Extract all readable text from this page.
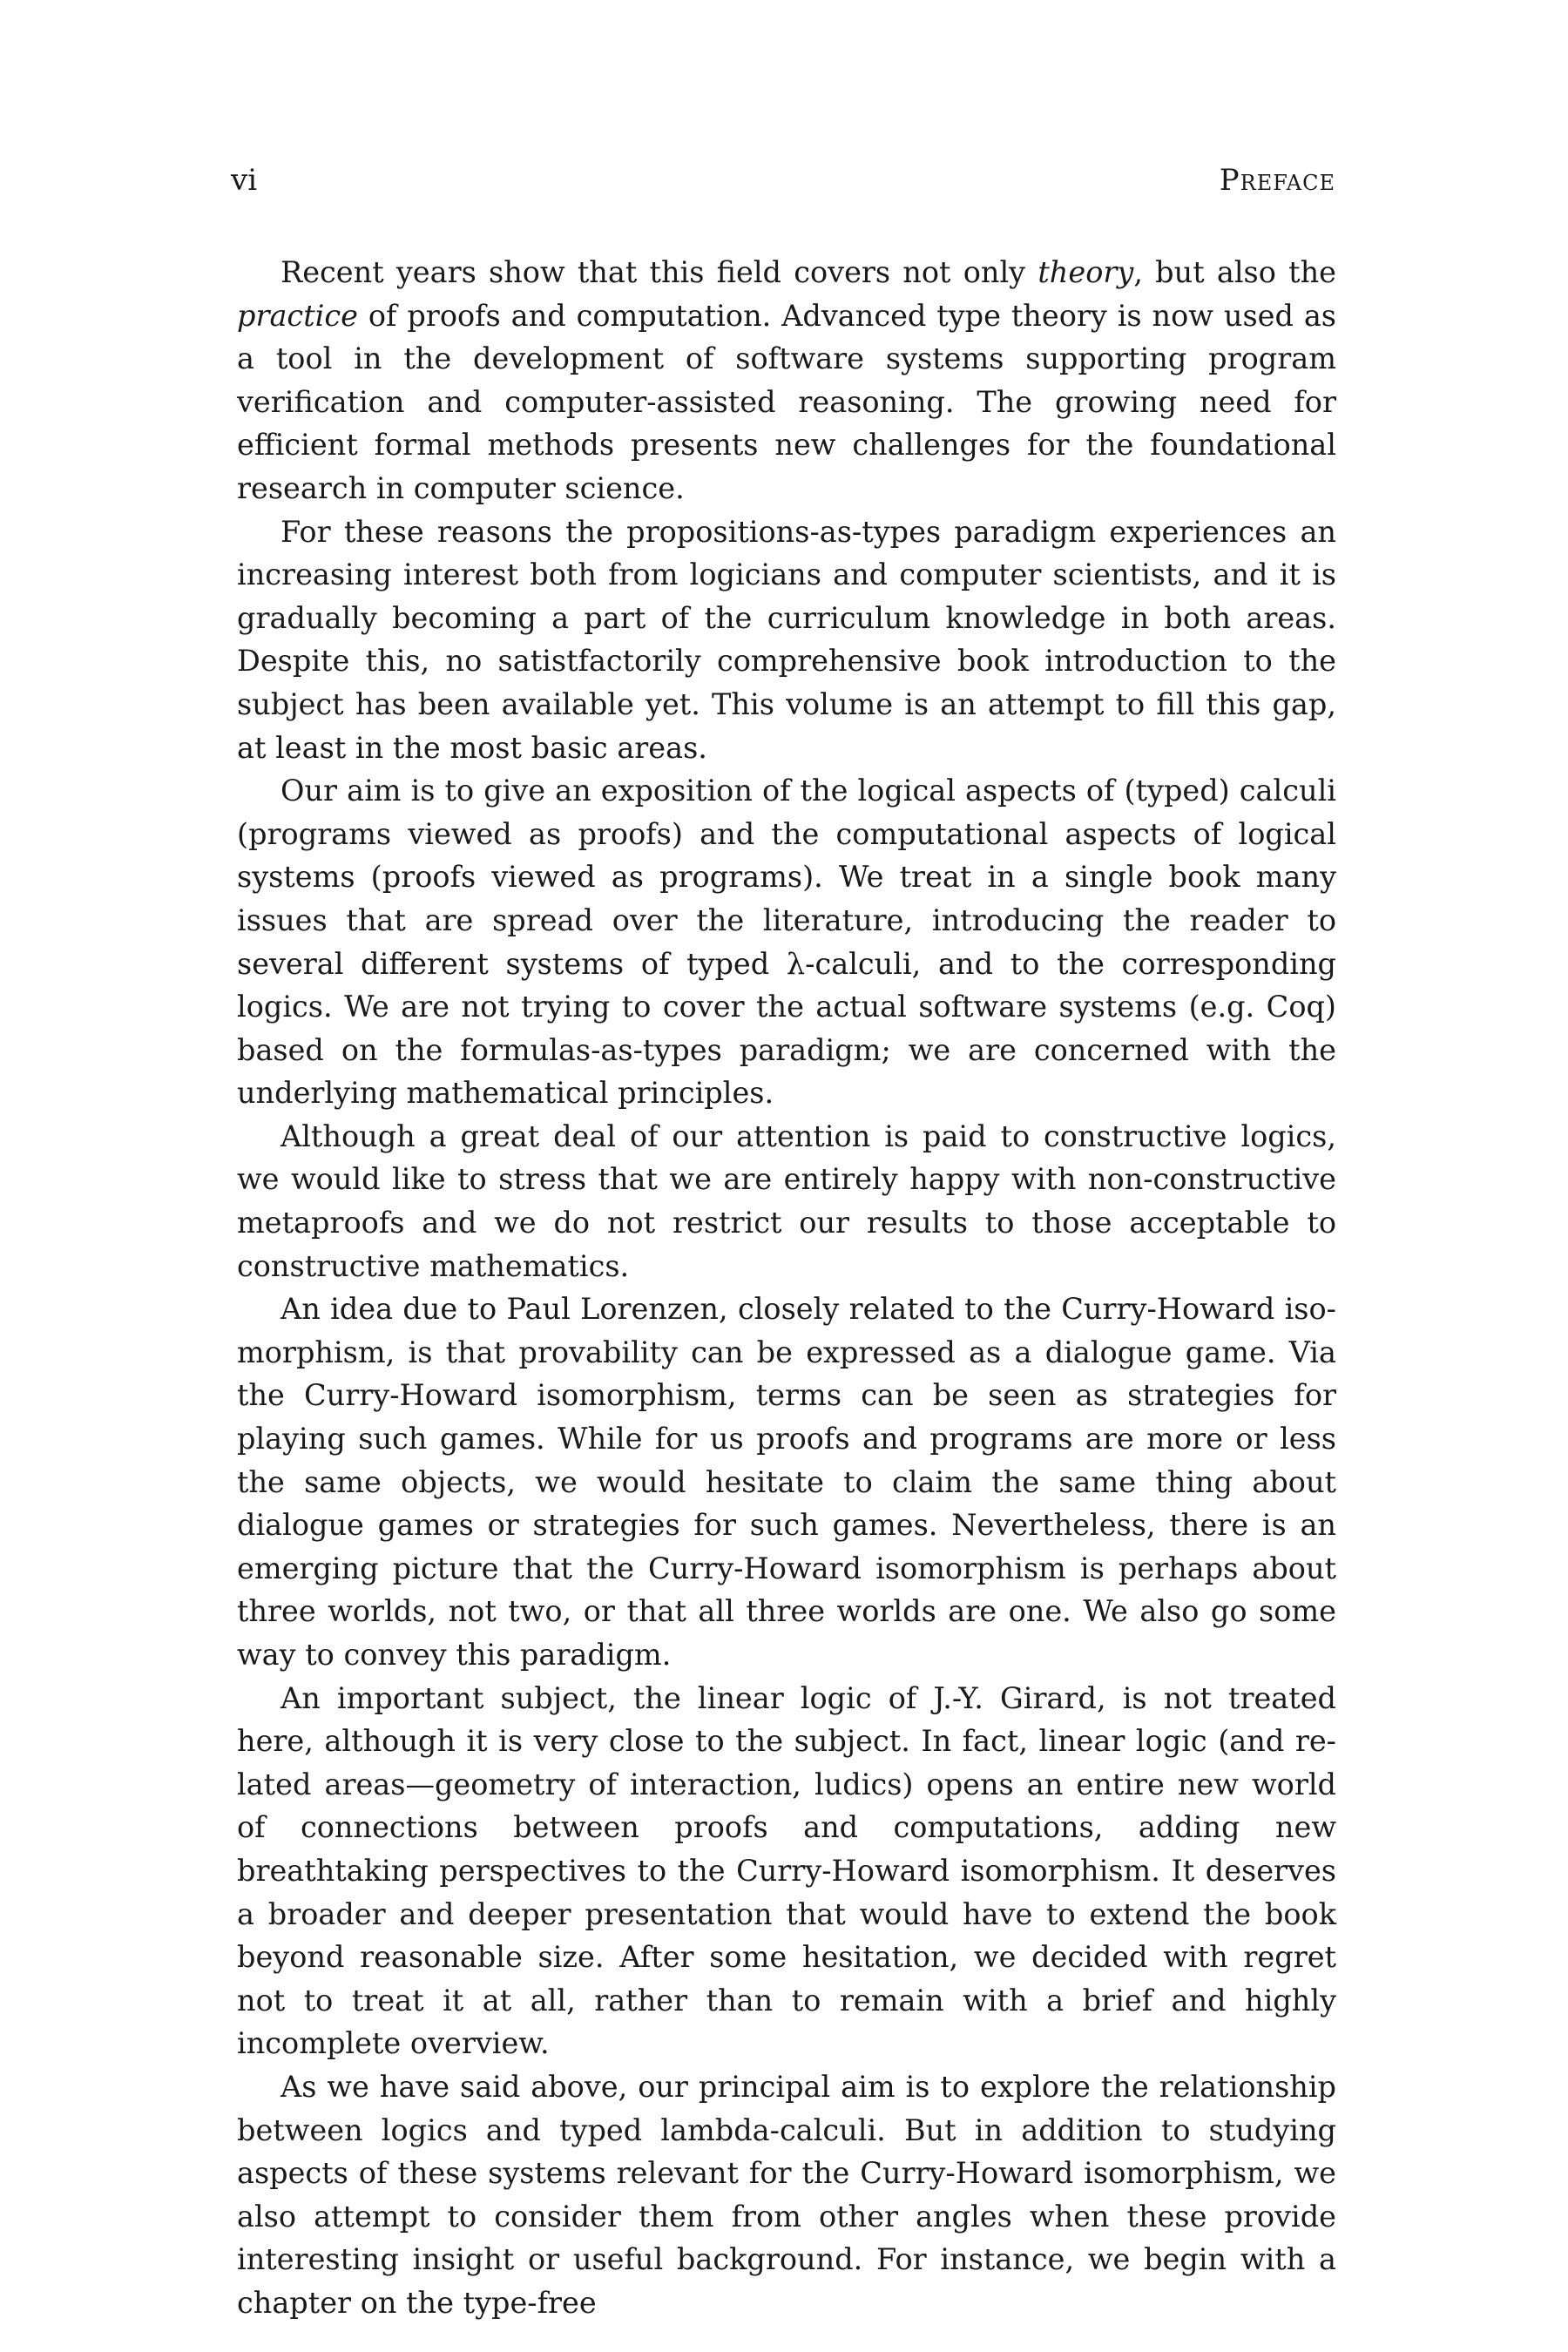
vi	Preface

Recent years show that this field covers not only theory, but also the practice of proofs and computation. Advanced type theory is now used as a tool in the development of software systems supporting program verification and computer-assisted reasoning. The growing need for efficient formal methods presents new challenges for the foundational research in computer science.

For these reasons the propositions-as-types paradigm experiences an increasing interest both from logicians and computer scientists, and it is gradually becoming a part of the curriculum knowledge in both areas. Despite this, no satistfactorily comprehensive book introduction to the subject has been available yet. This volume is an attempt to fill this gap, at least in the most basic areas.

Our aim is to give an exposition of the logical aspects of (typed) calculi (programs viewed as proofs) and the computational aspects of logical systems (proofs viewed as programs). We treat in a single book many issues that are spread over the literature, introducing the reader to several different systems of typed λ-calculi, and to the corresponding logics. We are not trying to cover the actual software systems (e.g. Coq) based on the formulas-as-types paradigm; we are concerned with the underlying mathematical principles.

Although a great deal of our attention is paid to constructive logics, we would like to stress that we are entirely happy with non-constructive metaproofs and we do not restrict our results to those acceptable to constructive mathematics.

An idea due to Paul Lorenzen, closely related to the Curry-Howard isomorphism, is that provability can be expressed as a dialogue game. Via the Curry-Howard isomorphism, terms can be seen as strategies for playing such games. While for us proofs and programs are more or less the same objects, we would hesitate to claim the same thing about dialogue games or strategies for such games. Nevertheless, there is an emerging picture that the Curry-Howard isomorphism is perhaps about three worlds, not two, or that all three worlds are one. We also go some way to convey this paradigm.

An important subject, the linear logic of J.-Y. Girard, is not treated here, although it is very close to the subject. In fact, linear logic (and related areas—geometry of interaction, ludics) opens an entire new world of connections between proofs and computations, adding new breathtaking perspectives to the Curry-Howard isomorphism. It deserves a broader and deeper presentation that would have to extend the book beyond reasonable size. After some hesitation, we decided with regret not to treat it at all, rather than to remain with a brief and highly incomplete overview.

As we have said above, our principal aim is to explore the relationship between logics and typed lambda-calculi. But in addition to studying aspects of these systems relevant for the Curry-Howard isomorphism, we also attempt to consider them from other angles when these provide interesting insight or useful background. For instance, we begin with a chapter on the type-free
